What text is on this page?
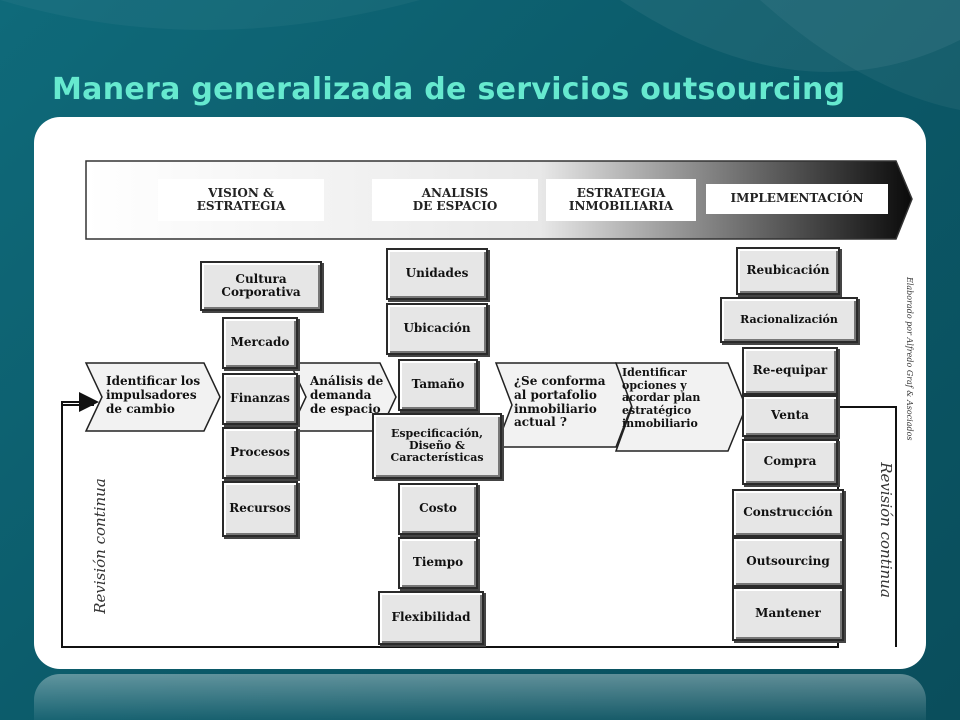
Manera generalizada de servicios outsourcing
VISION &
ESTRATEGIA
ANALISIS
DE ESPACIO
ESTRATEGIA
INMOBILIARIA
IMPLEMENTACIÓN
Cultura
Corporativa
Mercado
Finanzas
Procesos
Recursos
Unidades
Ubicación
Tamaño
Especificación,
Diseño &
Características
Costo
Tiempo
Flexibilidad
Reubicación
Racionalización
Re-equipar
Venta
Compra
Construcción
Outsourcing
Mantener
Identificar los
impulsadores
de cambio
Análisis de
demanda
de espacio
¿Se conforma
al portafolio
inmobiliario
actual ?
Identificar
opciones y
acordar plan
estratégico
inmobiliario
Revisión continua	Revisión continua
Elaborado por Alfredo Graf & Asociados
